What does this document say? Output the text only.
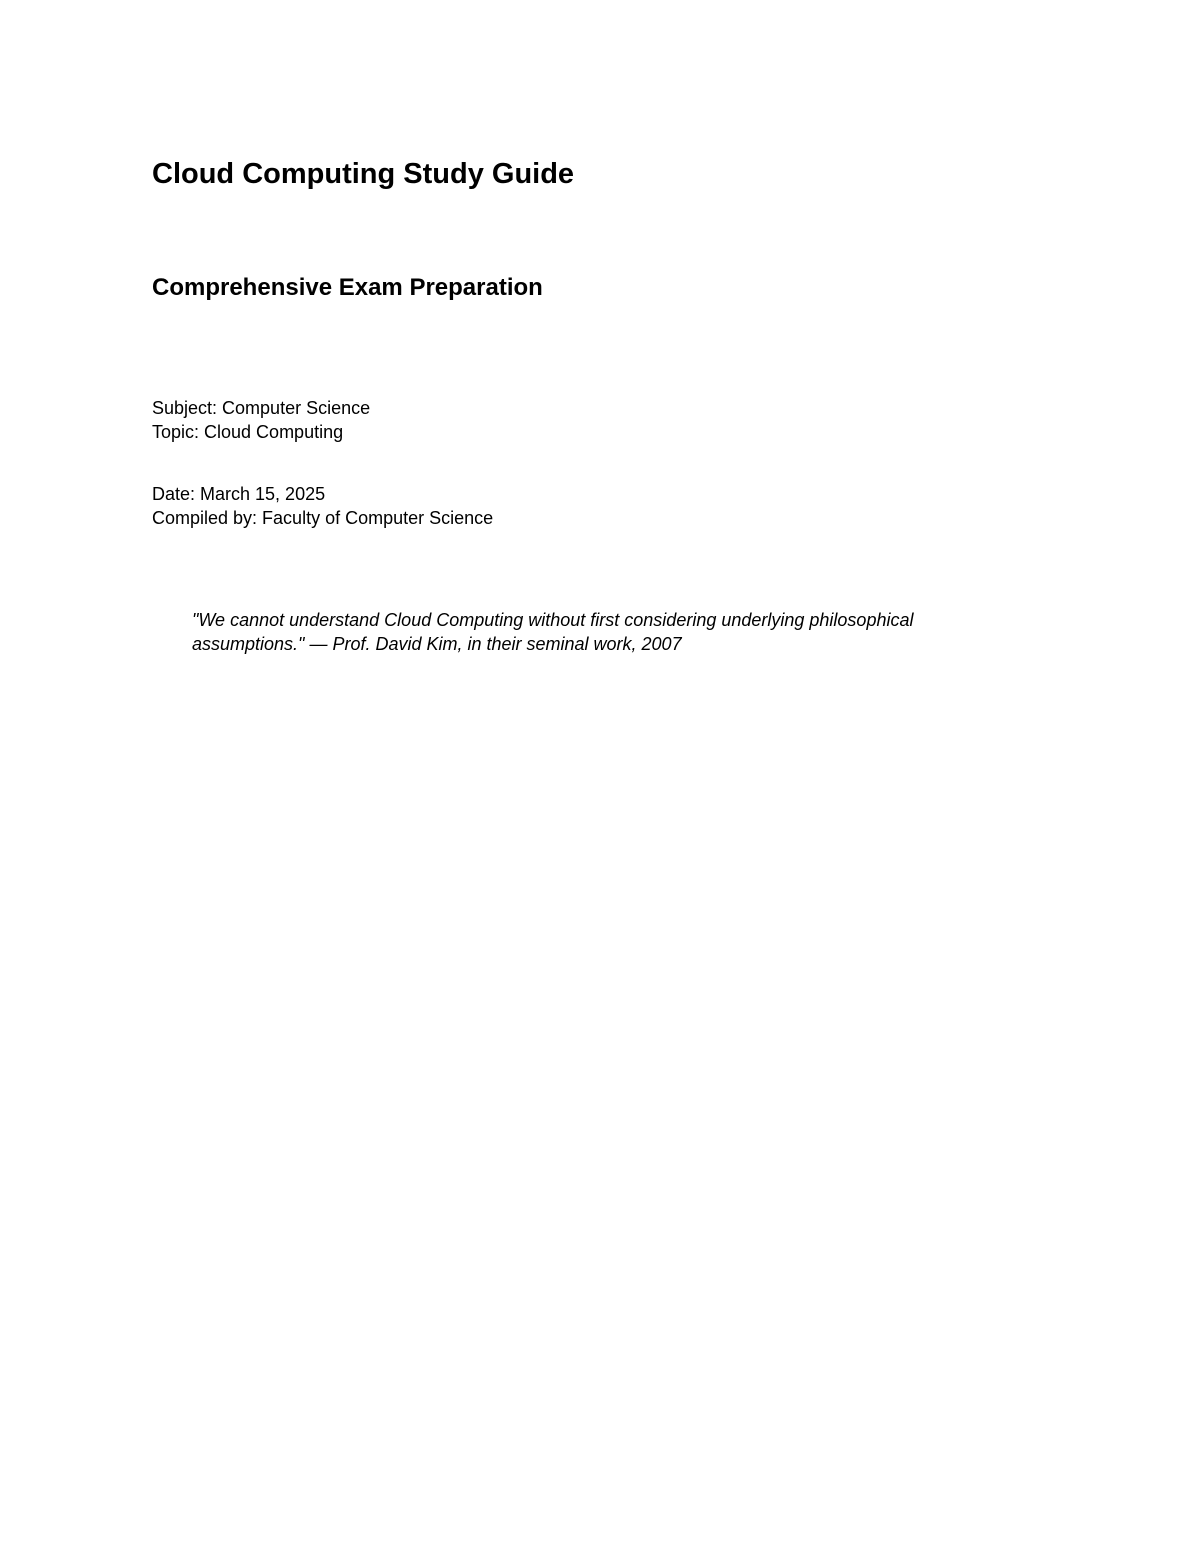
Cloud Computing Study Guide
Comprehensive Exam Preparation

Subject: Computer Science

Topic: Cloud Computing

Date: March 15, 2025

Compiled by: Faculty of Computer Science

"We cannot understand Cloud Computing without first considering underlying philosophical assumptions." — Prof. David Kim, in their seminal work, 2007
